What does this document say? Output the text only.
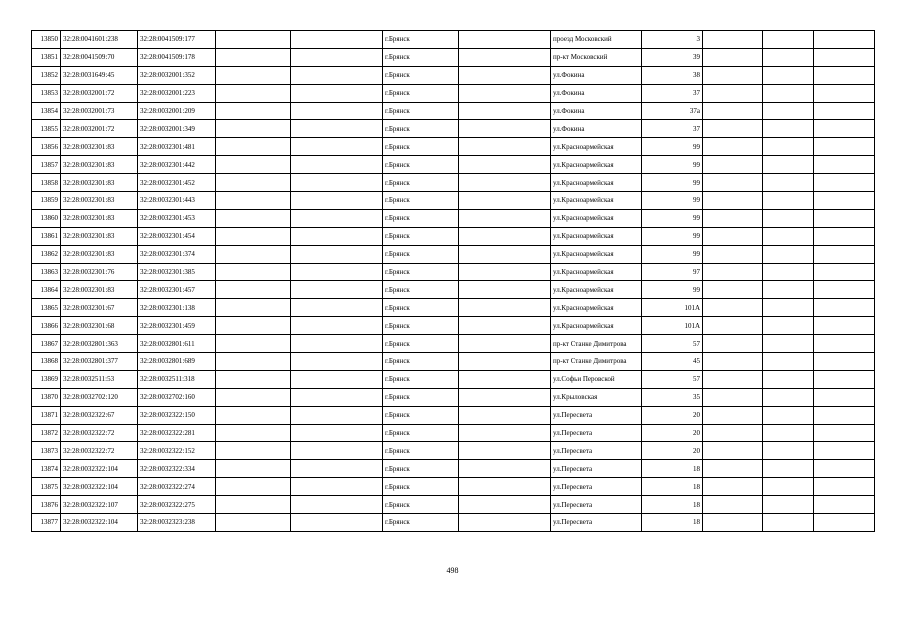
13850	32:28:0041601:238	32:28:0041509:177			г.Брянск		проезд Московский	3			
13851	32:28:0041509:70	32:28:0041509:178			г.Брянск		пр-кт Московский	39			
13852	32:28:0031649:45	32:28:0032001:352			г.Брянск		ул.Фокина	38			
13853	32:28:0032001:72	32:28:0032001:223			г.Брянск		ул.Фокина	37			
13854	32:28:0032001:73	32:28:0032001:209			г.Брянск		ул.Фокина	37а			
13855	32:28:0032001:72	32:28:0032001:349			г.Брянск		ул.Фокина	37			
13856	32:28:0032301:83	32:28:0032301:481			г.Брянск		ул.Красноармейская	99			
13857	32:28:0032301:83	32:28:0032301:442			г.Брянск		ул.Красноармейская	99			
13858	32:28:0032301:83	32:28:0032301:452			г.Брянск		ул.Красноармейская	99			
13859	32:28:0032301:83	32:28:0032301:443			г.Брянск		ул.Красноармейская	99			
13860	32:28:0032301:83	32:28:0032301:453			г.Брянск		ул.Красноармейская	99			
13861	32:28:0032301:83	32:28:0032301:454			г.Брянск		ул.Красноармейская	99			
13862	32:28:0032301:83	32:28:0032301:374			г.Брянск		ул.Красноармейская	99			
13863	32:28:0032301:76	32:28:0032301:385			г.Брянск		ул.Красноармейская	97			
13864	32:28:0032301:83	32:28:0032301:457			г.Брянск		ул.Красноармейская	99			
13865	32:28:0032301:67	32:28:0032301:138			г.Брянск		ул.Красноармейская	101А			
13866	32:28:0032301:68	32:28:0032301:459			г.Брянск		ул.Красноармейская	101А			
13867	32:28:0032801:363	32:28:0032801:611			г.Брянск		пр-кт Станке Димитрова	57			
13868	32:28:0032801:377	32:28:0032801:689			г.Брянск		пр-кт Станке Димитрова	45			
13869	32:28:0032511:53	32:28:0032511:318			г.Брянск		ул.Софьи Перовской	57			
13870	32:28:0032702:120	32:28:0032702:160			г.Брянск		ул.Крыловская	35			
13871	32:28:0032322:67	32:28:0032322:150			г.Брянск		ул.Пересвета	20			
13872	32:28:0032322:72	32:28:0032322:281			г.Брянск		ул.Пересвета	20			
13873	32:28:0032322:72	32:28:0032322:152			г.Брянск		ул.Пересвета	20			
13874	32:28:0032322:104	32:28:0032322:334			г.Брянск		ул.Пересвета	18			
13875	32:28:0032322:104	32:28:0032322:274			г.Брянск		ул.Пересвета	18			
13876	32:28:0032322:107	32:28:0032322:275			г.Брянск		ул.Пересвета	18			
13877	32:28:0032322:104	32:28:0032323:238			г.Брянск		ул.Пересвета	18			
498
